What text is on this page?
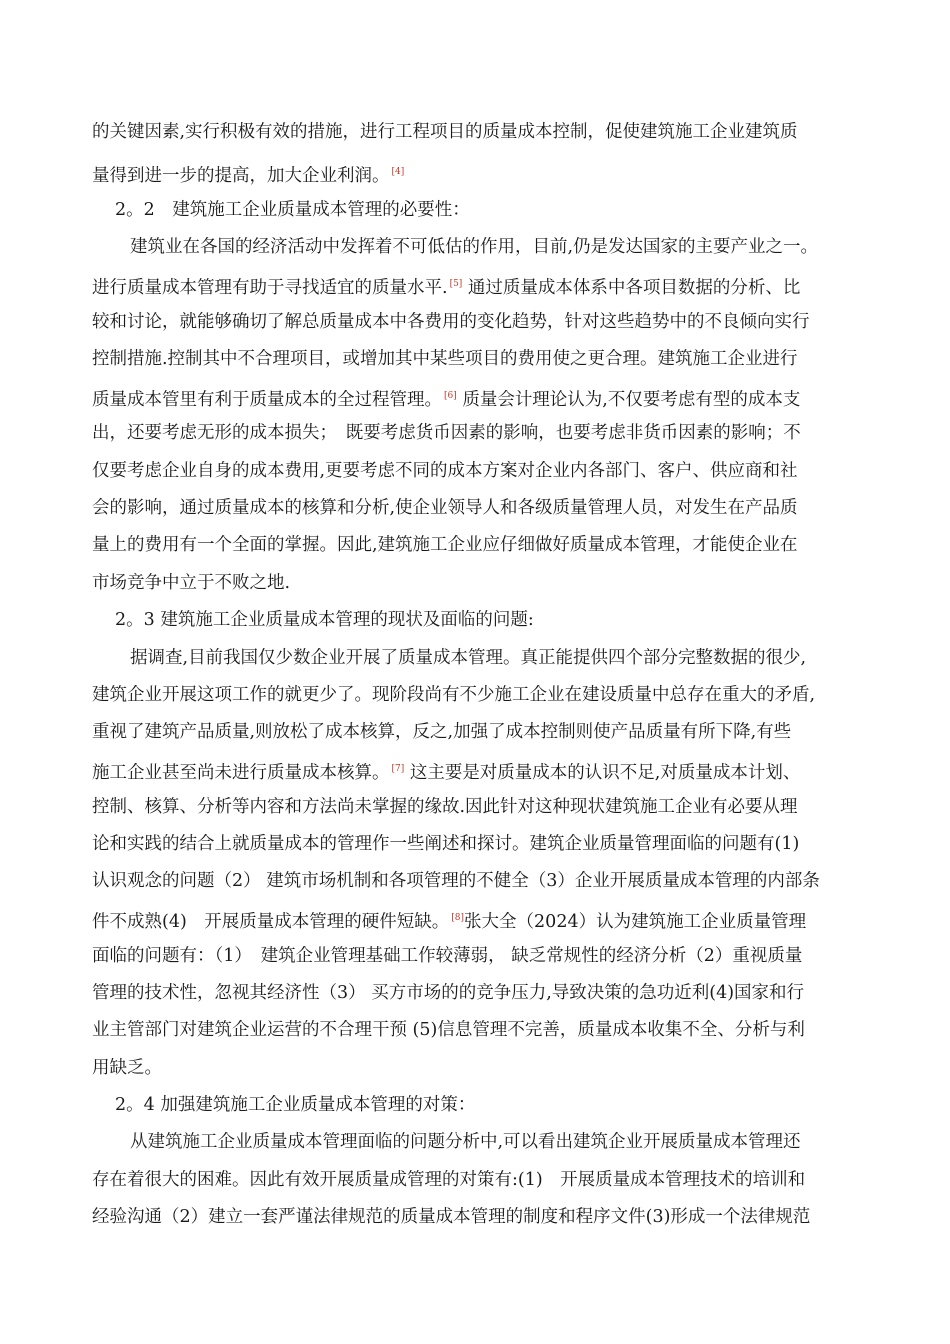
的关键因素,实行积极有效的措施，进行工程项目的质量成本控制，促使建筑施工企业建筑质
量得到进一步的提高，加大企业利润。 [4]
2。2　建筑施工企业质量成本管理的必要性：
建筑业在各国的经济活动中发挥着不可低估的作用，目前,仍是发达国家的主要产业之一。
进行质量成本管理有助于寻找适宜的质量水平. [5] 通过质量成本体系中各项目数据的分析、比
较和讨论，就能够确切了解总质量成本中各费用的变化趋势，针对这些趋势中的不良倾向实行
控制措施.控制其中不合理项目，或增加其中某些项目的费用使之更合理。建筑施工企业进行
质量成本管里有利于质量成本的全过程管理。 [6] 质量会计理论认为,不仅要考虑有型的成本支
出，还要考虑无形的成本损失；　既要考虑货币因素的影响，也要考虑非货币因素的影响；不
仅要考虑企业自身的成本费用,更要考虑不同的成本方案对企业内各部门、客户、供应商和社
会的影响，通过质量成本的核算和分析,使企业领导人和各级质量管理人员，对发生在产品质
量上的费用有一个全面的掌握。因此,建筑施工企业应仔细做好质量成本管理，才能使企业在
市场竞争中立于不败之地.
2。3 建筑施工企业质量成本管理的现状及面临的问题:
据调查,目前我国仅少数企业开展了质量成本管理。真正能提供四个部分完整数据的很少,
建筑企业开展这项工作的就更少了。现阶段尚有不少施工企业在建设质量中总存在重大的矛盾,
重视了建筑产品质量,则放松了成本核算，反之,加强了成本控制则使产品质量有所下降,有些
施工企业甚至尚未进行质量成本核算。 [7] 这主要是对质量成本的认识不足,对质量成本计划、
控制、核算、分析等内容和方法尚未掌握的缘故.因此针对这种现状建筑施工企业有必要从理
论和实践的结合上就质量成本的管理作一些阐述和探讨。建筑企业质量管理面临的问题有(1)
认识观念的问题（2） 建筑市场机制和各项管理的不健全（3）企业开展质量成本管理的内部条
件不成熟(4)　开展质量成本管理的硬件短缺。 [8]张大全（2024）认为建筑施工企业质量管理
面临的问题有：（1）　建筑企业管理基础工作较薄弱， 缺乏常规性的经济分析（2）重视质量
管理的技术性，忽视其经济性（3） 买方市场的的竞争压力,导致决策的急功近利(4)国家和行
业主管部门对建筑企业运营的不合理干预 (5)信息管理不完善，质量成本收集不全、分析与利
用缺乏。
2。4 加强建筑施工企业质量成本管理的对策：
从建筑施工企业质量成本管理面临的问题分析中,可以看出建筑企业开展质量成本管理还
存在着很大的困难。因此有效开展质量成管理的对策有:(1)　开展质量成本管理技术的培训和
经验沟通（2）建立一套严谨法律规范的质量成本管理的制度和程序文件(3)形成一个法律规范
